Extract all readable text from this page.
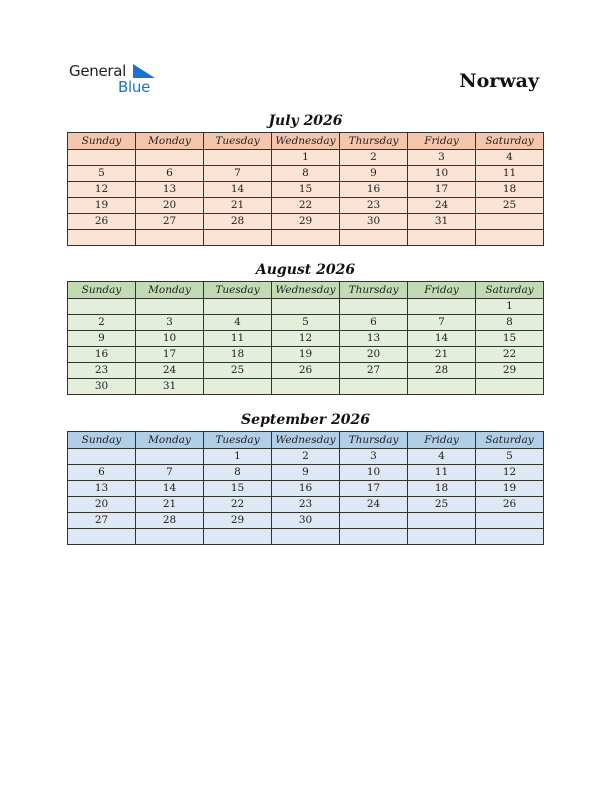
General
Blue	Norway
July 2026
Sunday	Monday	Tuesday	Wednesday	Thursday	Friday	Saturday
			1	2	3	4
5	6	7	8	9	10	11
12	13	14	15	16	17	18
19	20	21	22	23	24	25
26	27	28	29	30	31	

August 2026
Sunday	Monday	Tuesday	Wednesday	Thursday	Friday	Saturday
						1
2	3	4	5	6	7	8
9	10	11	12	13	14	15
16	17	18	19	20	21	22
23	24	25	26	27	28	29
30	31					
September 2026
Sunday	Monday	Tuesday	Wednesday	Thursday	Friday	Saturday
		1	2	3	4	5
6	7	8	9	10	11	12
13	14	15	16	17	18	19
20	21	22	23	24	25	26
27	28	29	30			
